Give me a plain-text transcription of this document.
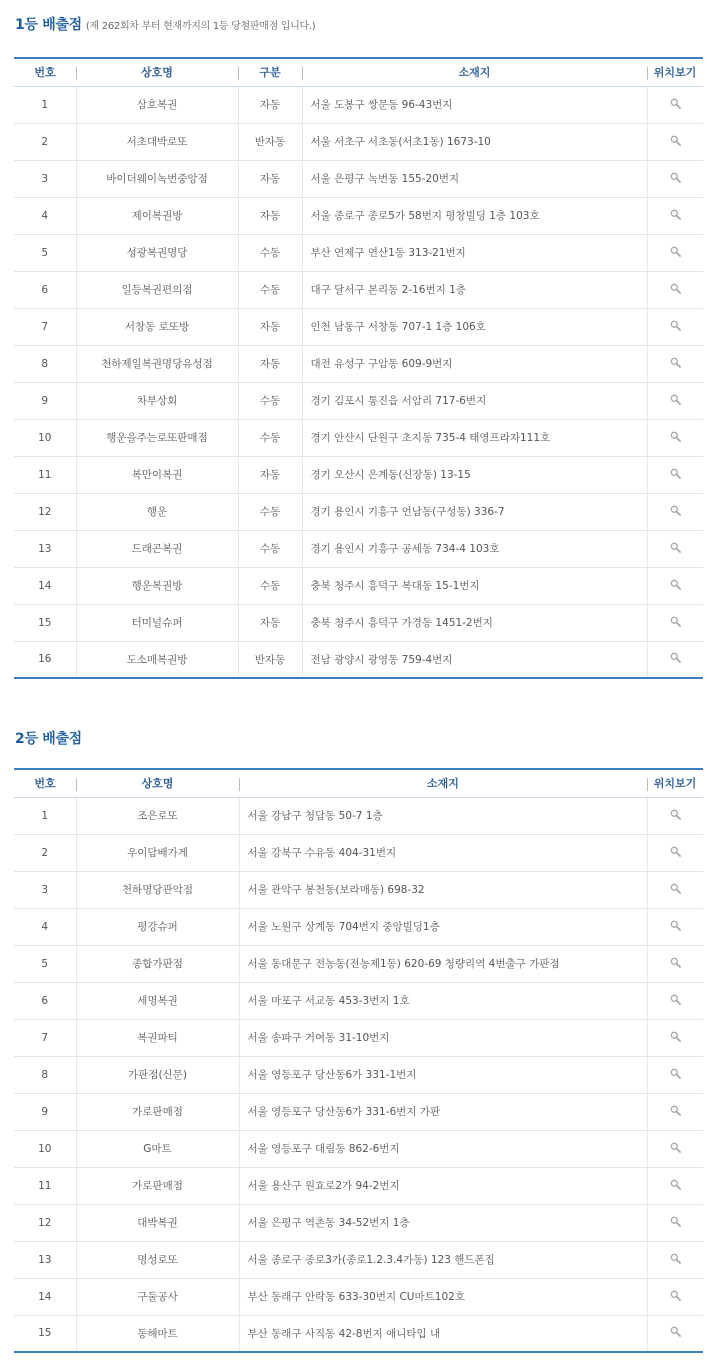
1등 배출점 (제 262회차 부터 현재까지의 1등 당첨판매점 입니다.)
번호	상호명	구분	소재지	위치보기
1	삼호복권	자동	서울 도봉구 쌍문동 96-43번지	
2	서초대박로또	반자동	서울 서초구 서초동(서초1동) 1673-10	
3	바이더웨이녹번중앙점	자동	서울 은평구 녹번동 155-20번지	
4	제이복권방	자동	서울 종로구 종로5가 58번지 평창빌딩 1층 103호	
5	성광복권명당	수동	부산 연제구 연산1동 313-21번지	
6	일등복권편의점	수동	대구 달서구 본리동 2-16번지 1층	
7	서창동 로또방	자동	인천 남동구 서창동 707-1 1층 106호	
8	천하제일복권명당유성점	자동	대전 유성구 구암동 609-9번지	
9	차부상회	수동	경기 김포시 통진읍 서암리 717-6번지	
10	행운을주는로또판매점	수동	경기 안산시 단원구 초지동 735-4 태영프라자111호	
11	복만이복권	자동	경기 오산시 은계동(신장동) 13-15	
12	행운	수동	경기 용인시 기흥구 언남동(구성동) 336-7	
13	드래곤복권	수동	경기 용인시 기흥구 공세동 734-4 103호	
14	행운복권방	수동	충북 청주시 흥덕구 복대동 15-1번지	
15	터미널슈퍼	자동	충북 청주시 흥덕구 가경동 1451-2번지	
16	도소매복권방	반자동	전남 광양시 광영동 759-4번지	
2등 배출점
번호	상호명	소재지	위치보기
1	조은로또	서울 강남구 청담동 50-7 1층	
2	우이담배가게	서울 강북구 수유동 404-31번지	
3	천하명당관악점	서울 관악구 봉천동(보라매동) 698-32	
4	평강슈퍼	서울 노원구 상계동 704번지 중앙빌딩1층	
5	종합가판점	서울 동대문구 전농동(전농제1동) 620-69 청량리역 4번출구 가판점	
6	세명복권	서울 마포구 서교동 453-3번지 1호	
7	복권파티	서울 송파구 거여동 31-10번지	
8	가판점(신문)	서울 영등포구 당산동6가 331-1번지	
9	가로판매점	서울 영등포구 당산동6가 331-6번지 가판	
10	G마트	서울 영등포구 대림동 862-6번지	
11	가로판매점	서울 용산구 원효로2가 94-2번지	
12	대박복권	서울 은평구 역촌동 34-52번지 1층	
13	명성로또	서울 종로구 종로3가(종로1.2.3.4가동) 123 핸드폰집	
14	구둘공사	부산 동래구 안락동 633-30번지 CU마트102호	
15	동해마트	부산 동래구 사직동 42-8번지 애니타입 내	
